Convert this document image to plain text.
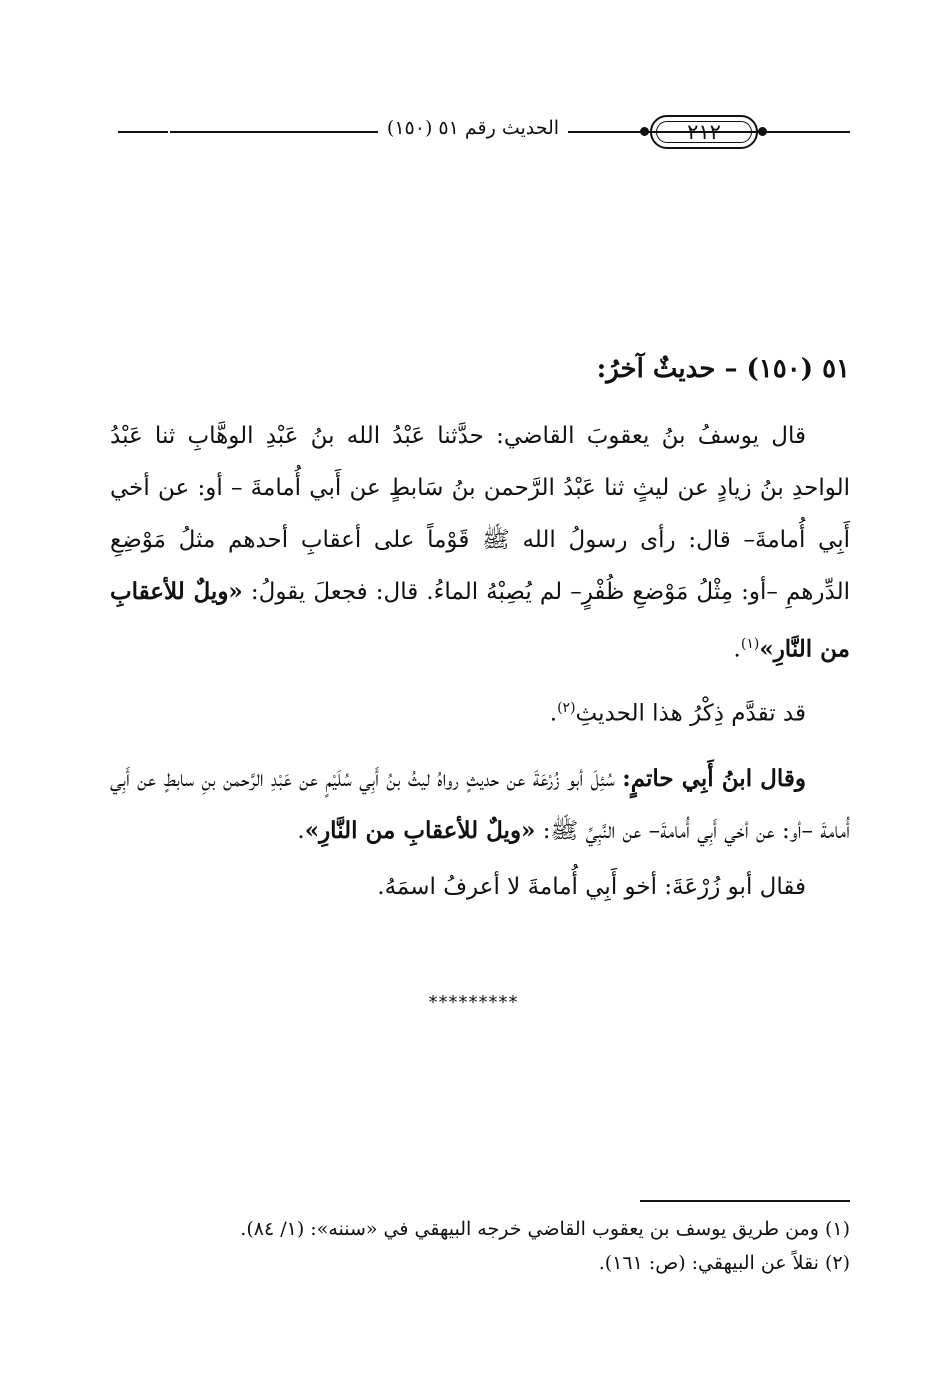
الحديث رقم ٥١ (١٥٠)	٢١٢
٥١ (١٥٠) – حديثٌ آخرُ:

قال يوسفُ بنُ يعقوبَ القاضي: حدَّثنا عَبْدُ الله بنُ عَبْدِ الوهَّابِ ثنا عَبْدُ الواحدِ بنُ زيادٍ عن ليثٍ ثنا عَبْدُ الرَّحمن بنُ سَابطٍ عن أَبي أُمامةَ – أو: عن أخي أَبِي أُمامةَ– قال: رأى رسولُ الله ﷺ قَوْماً على أعقابِ أحدهم مثلُ مَوْضِعِ الدِّرهمِ –أو: مِثْلُ مَوْضعِ ظُفْرٍ– لم يُصِبْهُ الماءُ. قال: فجعلَ يقولُ: «ويلٌ للأعقابِ من النَّارِ»$^{(١)}$.

قد تقدَّم ذِكْرُ هذا الحديثِ$^{(٢)}$.

وقال ابنُ أَبِي حاتمٍ: سُئِلَ أبو زُرْعَةَ عن حديثٍ رواهُ ليثُ بنُ أَبِي سُلَيْمٍ عن عَبْدِ الرَّحمن بنِ سابطٍ عن أَبِي أُمامةَ –أو: عن أخي أَبِي أُمامةَ– عن النَّبِيِّ ﷺ: «ويلٌ للأعقابِ من النَّارِ».

فقال أبو زُرْعَةَ: أخو أَبِي أُمامةَ لا أعرفُ اسمَهُ.

*********

(١) ومن طريق يوسف بن يعقوب القاضي خرجه البيهقي في «سننه»: (١/ ٨٤).

(٢) نقلاً عن البيهقي: (ص: ١٦١).
